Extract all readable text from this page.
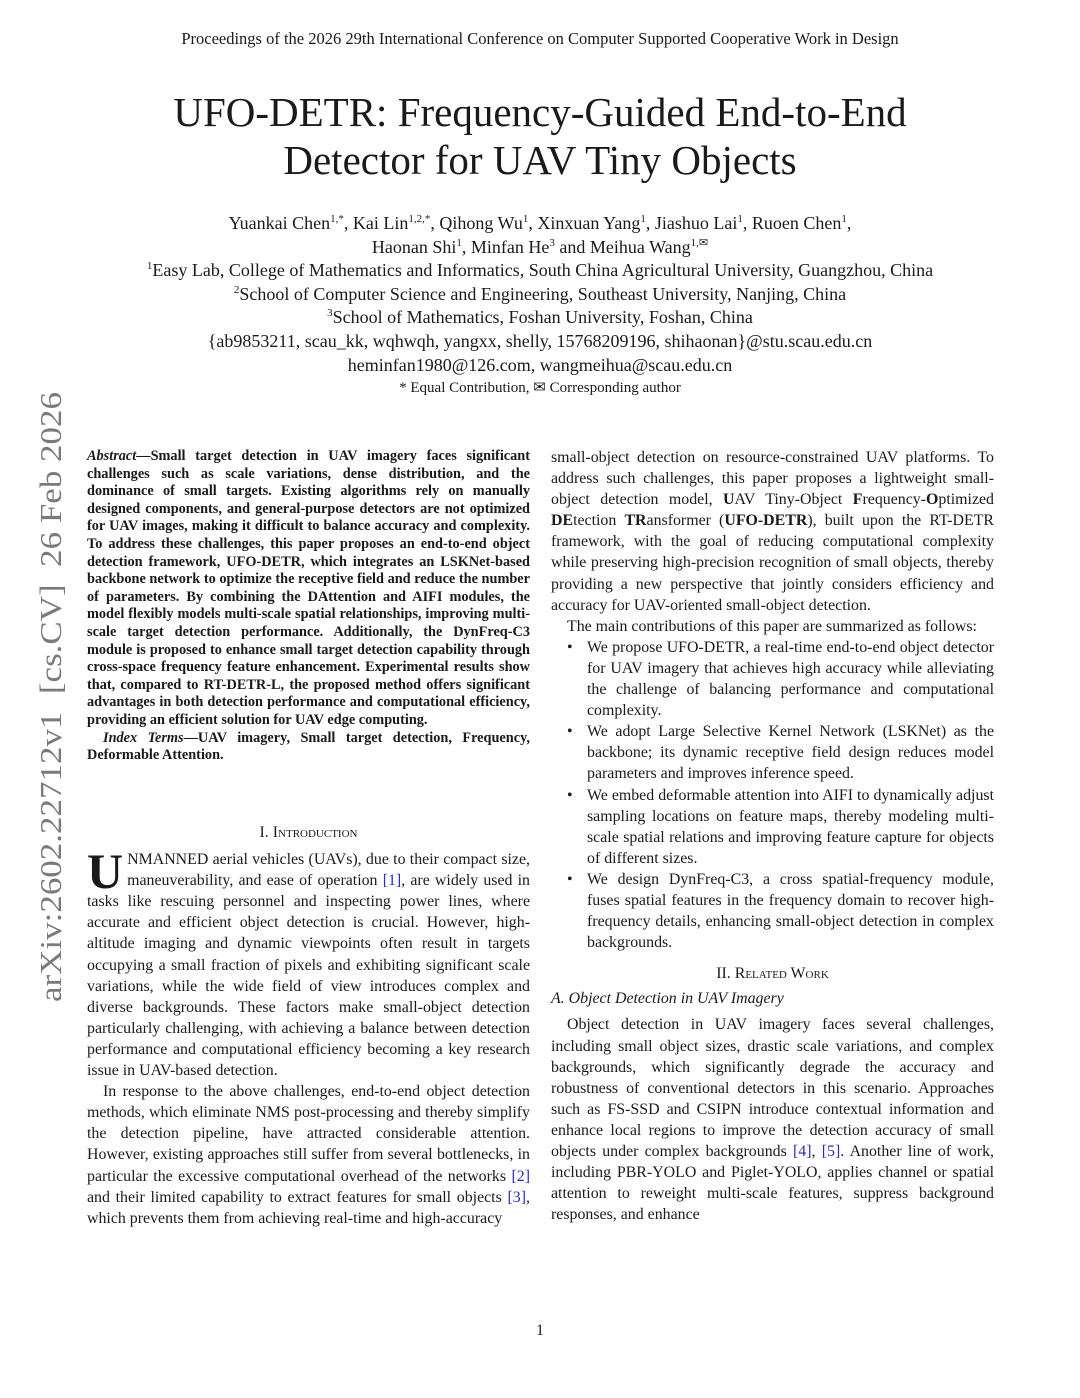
Proceedings of the 2026 29th International Conference on Computer Supported Cooperative Work in Design
UFO-DETR: Frequency-Guided End-to-End
Detector for UAV Tiny Objects
Yuankai Chen$^{1,*}$, Kai Lin$^{1,2,*}$, Qihong Wu$^1$, Xinxuan Yang$^1$, Jiashuo Lai$^1$, Ruoen Chen$^1$,
Haonan Shi$^1$, Minfan He$^3$ and Meihua Wang$^{1,✉}$
$^1$Easy Lab, College of Mathematics and Informatics, South China Agricultural University, Guangzhou, China
$^2$School of Computer Science and Engineering, Southeast University, Nanjing, China
$^3$School of Mathematics, Foshan University, Foshan, China
{ab9853211, scau_kk, wqhwqh, yangxx, shelly, 15768209196, shihaonan}@stu.scau.edu.cn
heminfan1980@126.com, wangmeihua@scau.edu.cn
* Equal Contribution, ✉ Corresponding author
arXiv:2602.22712v1  [cs.CV]  26 Feb 2026

Abstract—Small target detection in UAV imagery faces significant challenges such as scale variations, dense distribution, and the dominance of small targets. Existing algorithms rely on manually designed components, and general-purpose detectors are not optimized for UAV images, making it difficult to balance accuracy and complexity. To address these challenges, this paper proposes an end-to-end object detection framework, UFO-DETR, which integrates an LSKNet-based backbone network to optimize the receptive field and reduce the number of parameters. By combining the DAttention and AIFI modules, the model flexibly models multi-scale spatial relationships, improving multi-scale target detection performance. Additionally, the DynFreq-C3 module is proposed to enhance small target detection capability through cross-space frequency feature enhancement. Experimental results show that, compared to RT-DETR-L, the proposed method offers significant advantages in both detection performance and computational efficiency, providing an efficient solution for UAV edge computing.

Index Terms—UAV imagery, Small target detection, Frequency, Deformable Attention.

I. Introduction

UNMANNED aerial vehicles (UAVs), due to their compact size, maneuverability, and ease of operation [1], are widely used in tasks like rescuing personnel and inspecting power lines, where accurate and efficient object detection is crucial. However, high-altitude imaging and dynamic viewpoints often result in targets occupying a small fraction of pixels and exhibiting significant scale variations, while the wide field of view introduces complex and diverse backgrounds. These factors make small-object detection particularly challenging, with achieving a balance between detection performance and computational efficiency becoming a key research issue in UAV-based detection.

In response to the above challenges, end-to-end object detection methods, which eliminate NMS post-processing and thereby simplify the detection pipeline, have attracted considerable attention. However, existing approaches still suffer from several bottlenecks, in particular the excessive computational overhead of the networks [2] and their limited capability to extract features for small objects [3], which prevents them from achieving real-time and high-accuracy

small-object detection on resource-constrained UAV platforms. To address such challenges, this paper proposes a lightweight small-object detection model, UAV Tiny-Object Frequency-Optimized DEtection TRansformer (UFO-DETR), built upon the RT-DETR framework, with the goal of reducing computational complexity while preserving high-precision recognition of small objects, thereby providing a new perspective that jointly considers efficiency and accuracy for UAV-oriented small-object detection.

The main contributions of this paper are summarized as follows:

• We propose UFO-DETR, a real-time end-to-end object detector for UAV imagery that achieves high accuracy while alleviating the challenge of balancing performance and computational complexity.
• We adopt Large Selective Kernel Network (LSKNet) as the backbone; its dynamic receptive field design reduces model parameters and improves inference speed.
• We embed deformable attention into AIFI to dynamically adjust sampling locations on feature maps, thereby modeling multi-scale spatial relations and improving feature capture for objects of different sizes.
• We design DynFreq-C3, a cross spatial-frequency module, fuses spatial features in the frequency domain to recover high-frequency details, enhancing small-object detection in complex backgrounds.

II. Related Work

A. Object Detection in UAV Imagery

Object detection in UAV imagery faces several challenges, including small object sizes, drastic scale variations, and complex backgrounds, which significantly degrade the accuracy and robustness of conventional detectors in this scenario. Approaches such as FS-SSD and CSIPN introduce contextual information and enhance local regions to improve the detection accuracy of small objects under complex backgrounds [4], [5]. Another line of work, including PBR-YOLO and Piglet-YOLO, applies channel or spatial attention to reweight multi-scale features, suppress background responses, and enhance

1
